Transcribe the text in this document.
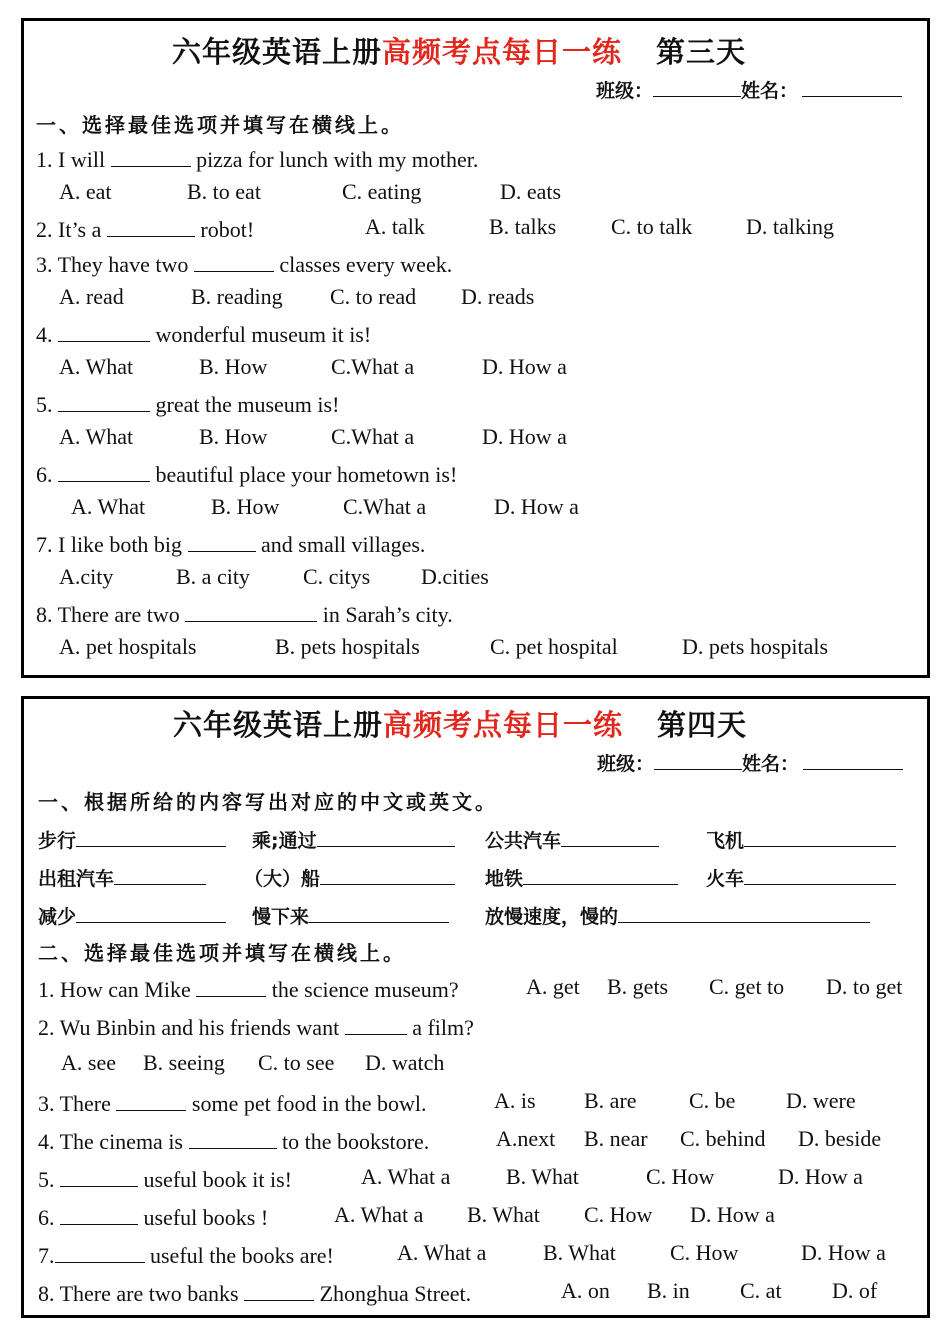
六年级英语上册高频考点每日一练 第三天
班级：	姓名：
一、选择最佳选项并填写在横线上。
1. I will	pizza for lunch with my mother.
A. eat	B. to eat	C. eating	D. eats
2. It’s a	robot!	A. talk	B. talks C. to talk D. talking
3. They have two	classes every week.
A. read	B. reading C. to read D. reads
4.	wonderful museum it is!
A. What	B. How	C.What a	D. How a
5.	great the museum is!
A. What	B. How	C.What a	D. How a
6.	beautiful place your hometown is!
A. What	B. How	C.What a	D. How a
7. I like both big	and small villages.
A.city	B. a city C. citys D.cities
8. There are two	in Sarah’s city.
A. pet hospitals	B. pets hospitals	C. pet hospital	D. pets hospitals
六年级英语上册高频考点每日一练 第四天
班级：	姓名：
一、根据所给的内容写出对应的中文或英文。
步行	乘;通过	公共汽车	飞机
出租汽车	（大）船	地铁	火车
减少	慢下来	放慢速度，慢的
二、选择最佳选项并填写在横线上。
1. How can Mike	the science museum?	A. get B. gets C. get to D. to get
2. Wu Binbin and his friends want	a film?
A. see B. seeing C. to see D. watch
3. There	some pet food in the bowl.	A. is B. are C. be D. were
4. The cinema is	to the bookstore.	A.next B. near C. behind D. beside
5.	useful book it is!	A. What a	B. What	C. How	D. How a
6.	useful books !	A. What a B. What C. How D. How a
7.	useful the books are!	A. What a	B. What C. How	D. How a
8. There are two banks	Zhonghua Street.	A. on B. in C. at D. of
